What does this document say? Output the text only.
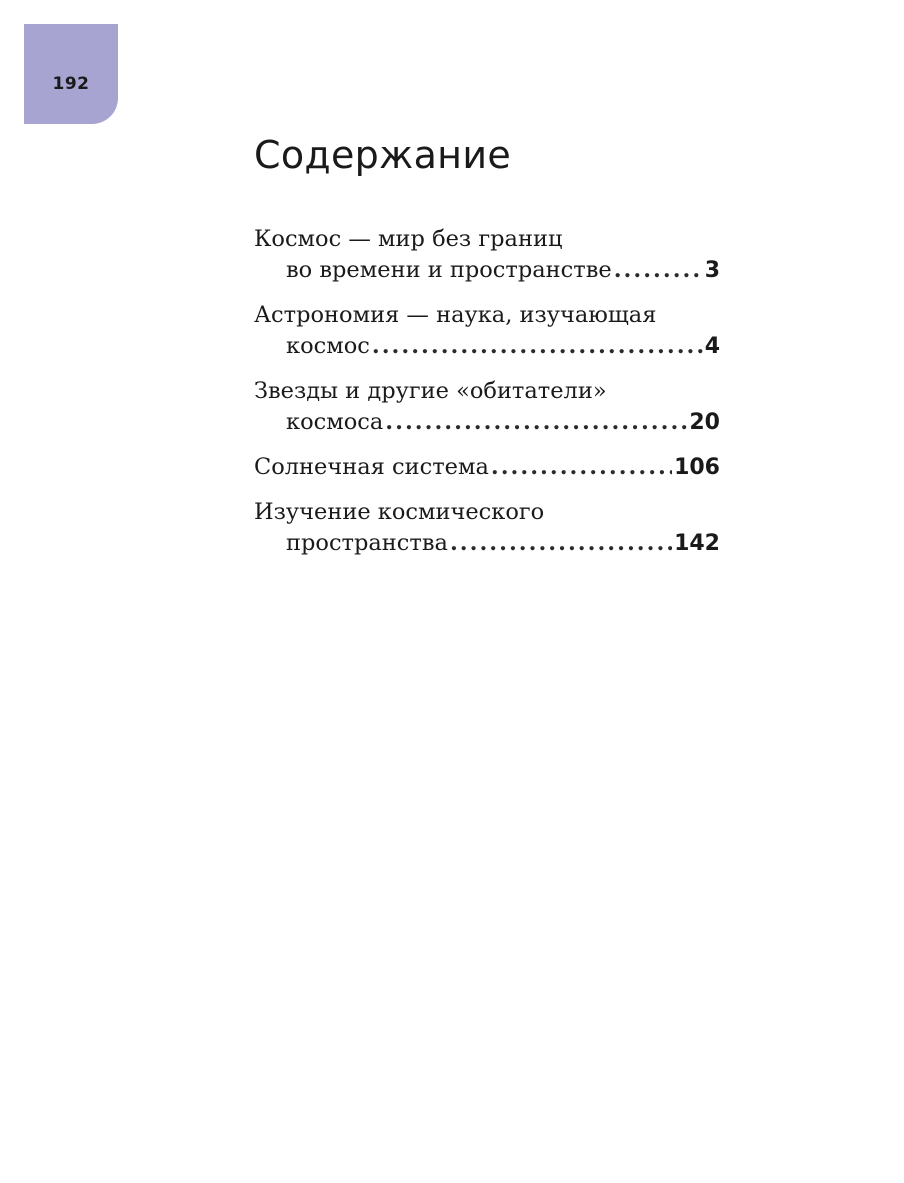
192
Содержание
Космос — мир без границ
во времени и пространстве .....	3
Астрономия — наука, изучающая
космос .....	4
Звезды и другие «обитатели»
космоса .....	20
Солнечная система .....	106
Изучение космического
пространства .....	142
